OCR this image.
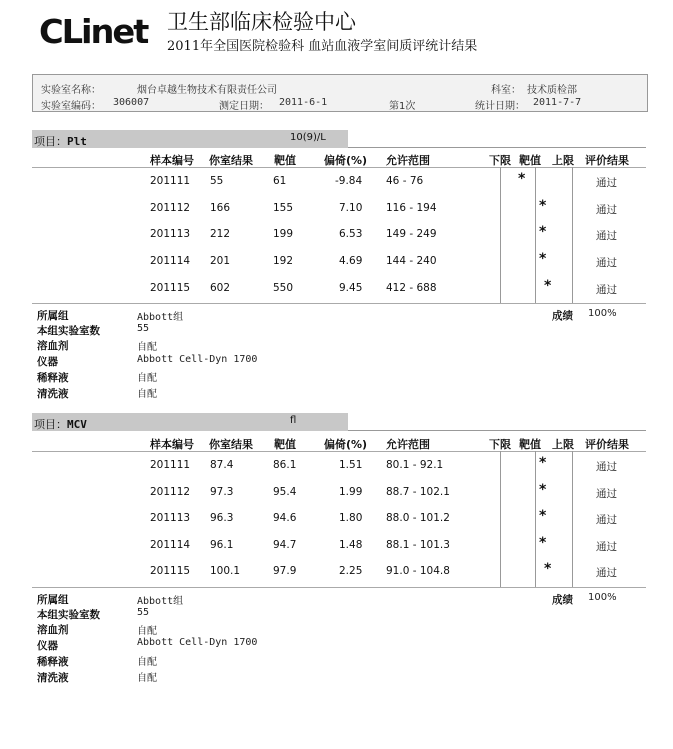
CLinet 卫生部临床检验中心
2011年全国医院检验科 血站血液学室间质评统计结果
实验室名称：	烟台卓越生物技术有限责任公司	科室： 技术质检部
实验室编码： 306007	测定日期： 2011-6-1	第1次	统计日期： 2011-7-7
项目：Plt	10(9)/L
样本编号 你室结果 靶值	偏倚(%) 允许范围	下限 靶值 上限 评价结果
201111 55	61	-9.84 46 - 76	*	通过
201112 166	155	7.10 116 - 194	*	通过
201113 212	199	6.53 149 - 249	*	通过
201114 201	192	4.69 144 - 240	*	通过
201115 602	550	9.45 412 - 688	*	通过
所属组	Abbott组	成绩 100%
本组实验室数	55
溶血剂	自配
仪器	Abbott Cell-Dyn 1700
稀释液	自配
清洗液	自配
项目：MCV	fl
样本编号 你室结果 靶值	偏倚(%) 允许范围	下限 靶值 上限 评价结果
201111 87.4	86.1	1.51 80.1 - 92.1	*	通过
201112 97.3	95.4	1.99 88.7 - 102.1	*	通过
201113 96.3	94.6	1.80 88.0 - 101.2	*	通过
201114 96.1	94.7	1.48 88.1 - 101.3	*	通过
201115 100.1	97.9	2.25 91.0 - 104.8	*	通过
所属组	Abbott组	成绩 100%
本组实验室数	55
溶血剂	自配
仪器	Abbott Cell-Dyn 1700
稀释液	自配
清洗液	自配
